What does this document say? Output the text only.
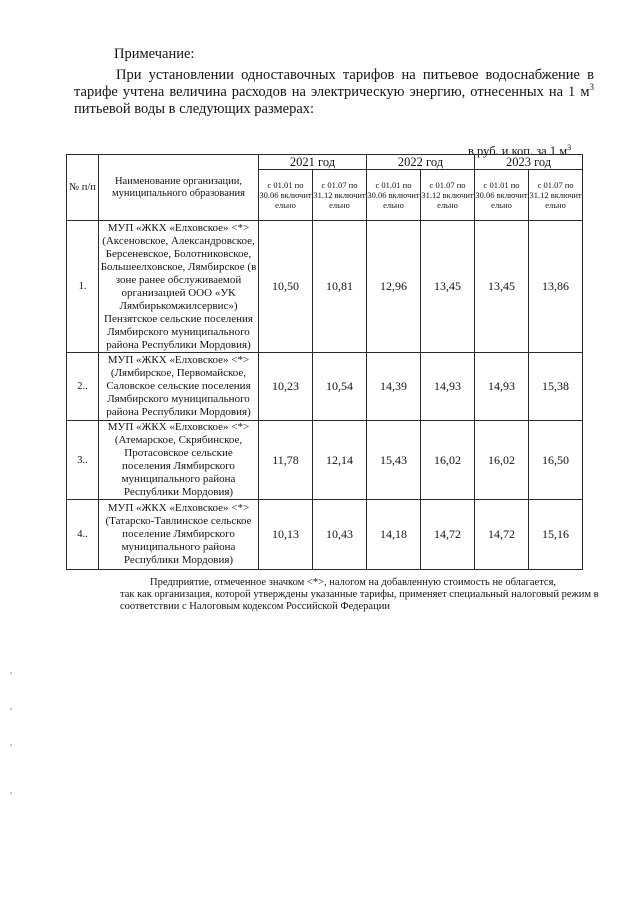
Примечание:
При установлении одноставочных тарифов на питьевое водоснабжение в тарифе учтена величина расходов на электрическую энергию, отнесенных на 1 $м^3$ питьевой воды в следующих размерах:
в руб. и коп. за 1 $м^3$
№ п/п	Наименование организации, муниципального образования	2021 год		2022 год		2023 год	
		с 01.01 по 30.06 включит ельно	с 01.07 по 31.12 включит ельно	с 01.01 по 30.06 включит ельно	с 01.07 по 31.12 включит ельно	с 01.01 по 30.06 включит ельно	с 01.07 по 31.12 включит ельно
1.	МУП «ЖКХ «Елховское» <*> (Аксеновское, Александровское, Берсеневское, Болотниковское, Большеелховское, Лямбирское (в зоне ранее обслуживаемой организацией ООО «УК Лямбирькомжилсервис») Пензятское сельские поселения Лямбирского муниципального района Республики Мордовия)	10,50	10,81	12,96	13,45	13,45	13,86
2..	МУП «ЖКХ «Елховское» <*> (Лямбирское, Первомайское, Саловское сельские поселения Лямбирского муниципального района Республики Мордовия)	10,23	10,54	14,39	14,93	14,93	15,38
3..	МУП «ЖКХ «Елховское» <*> (Атемарское, Скрябинское, Протасовское сельские поселения Лямбирского муниципального района Республики Мордовия)	11,78	12,14	15,43	16,02	16,02	16,50
4..	МУП «ЖКХ «Елховское» <*> (Татарско-Тавлинское сельское поселение Лямбирского муниципального района Республики Мордовия)	10,13	10,43	14,18	14,72	14,72	15,16
Предприятие, отмеченное значком <*>, налогом на добавленную стоимость не облагается,
так как организация, которой утверждены указанные тарифы, применяет специальный налоговый режим в соответствии с Налоговым кодексом Российской Федерации
